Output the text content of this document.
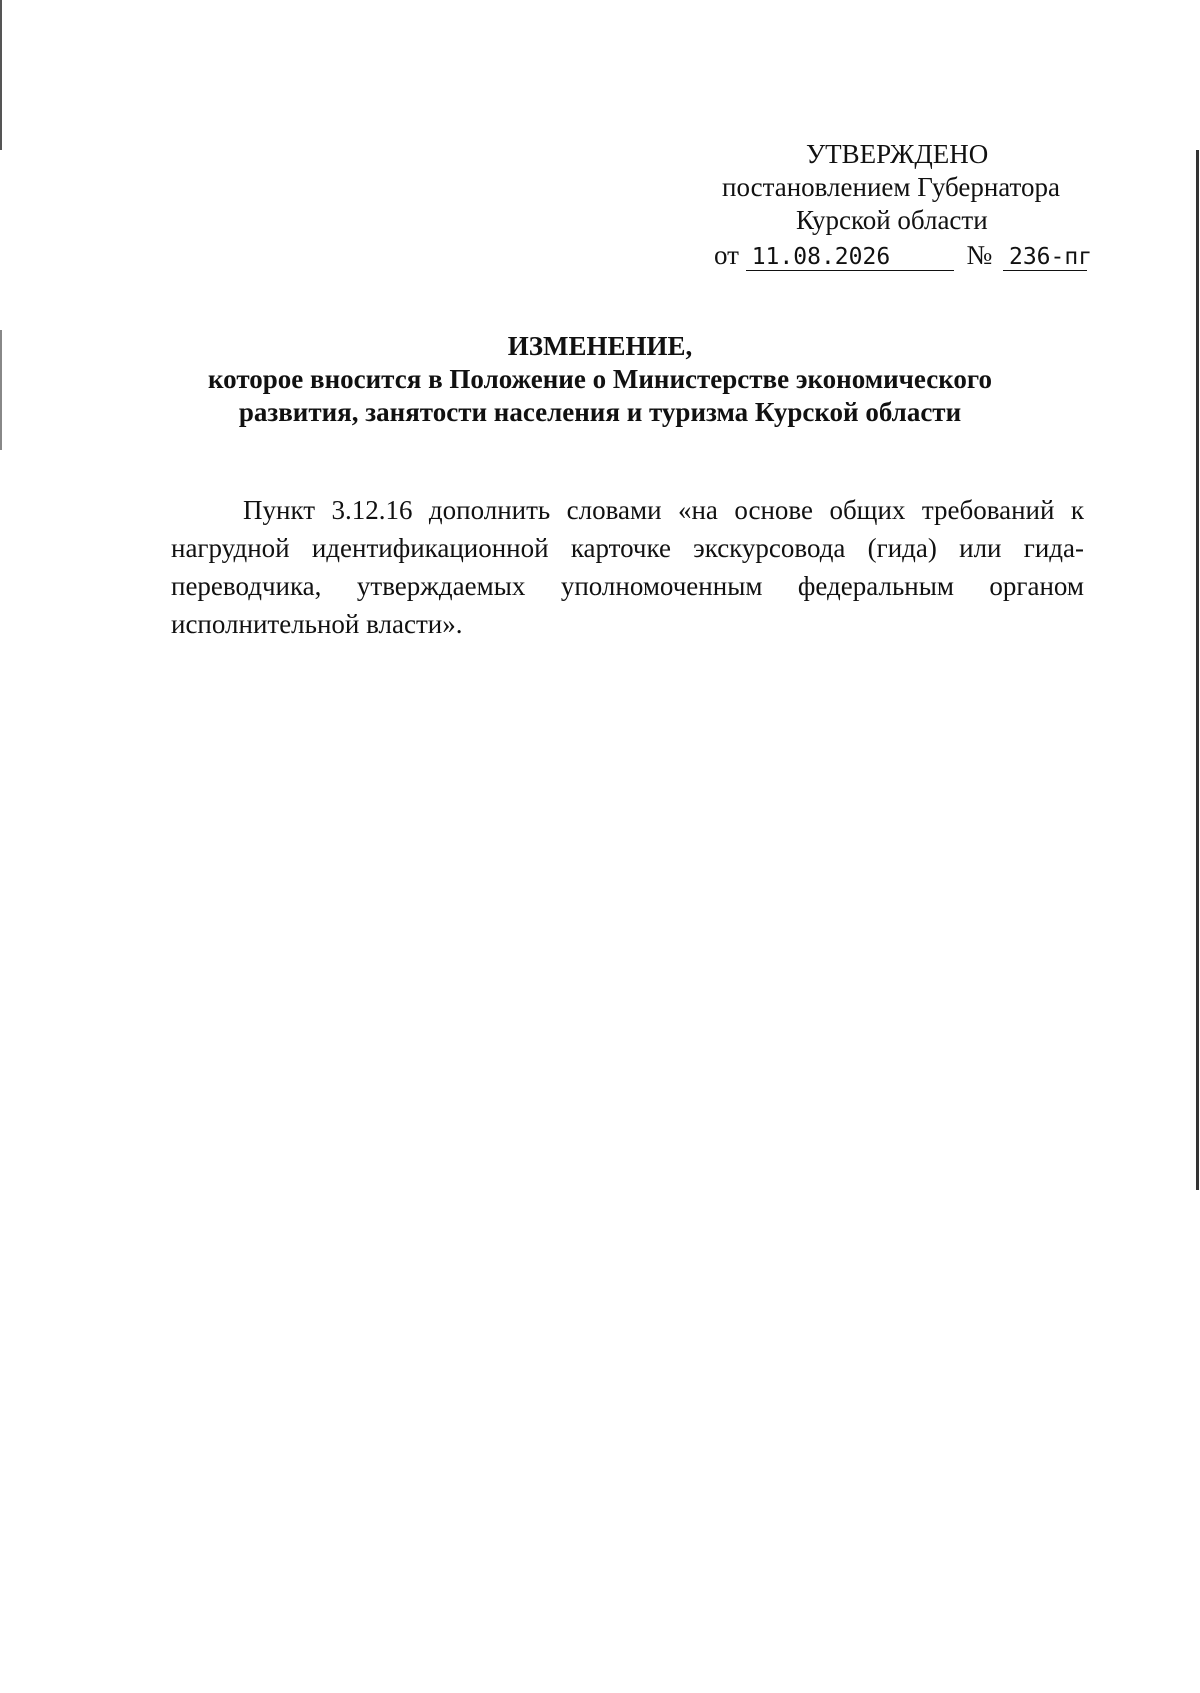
УТВЕРЖДЕНО
постановлением Губернатора
Курской области
от 11.08.2026	№ 236-пг
ИЗМЕНЕНИЕ,
которое вносится в Положение о Министерстве экономического
развития, занятости населения и туризма Курской области

Пункт 3.12.16 дополнить словами «на основе общих требований к нагрудной идентификационной карточке экскурсовода (гида) или гида-переводчика, утверждаемых уполномоченным федеральным органом исполнительной власти».
